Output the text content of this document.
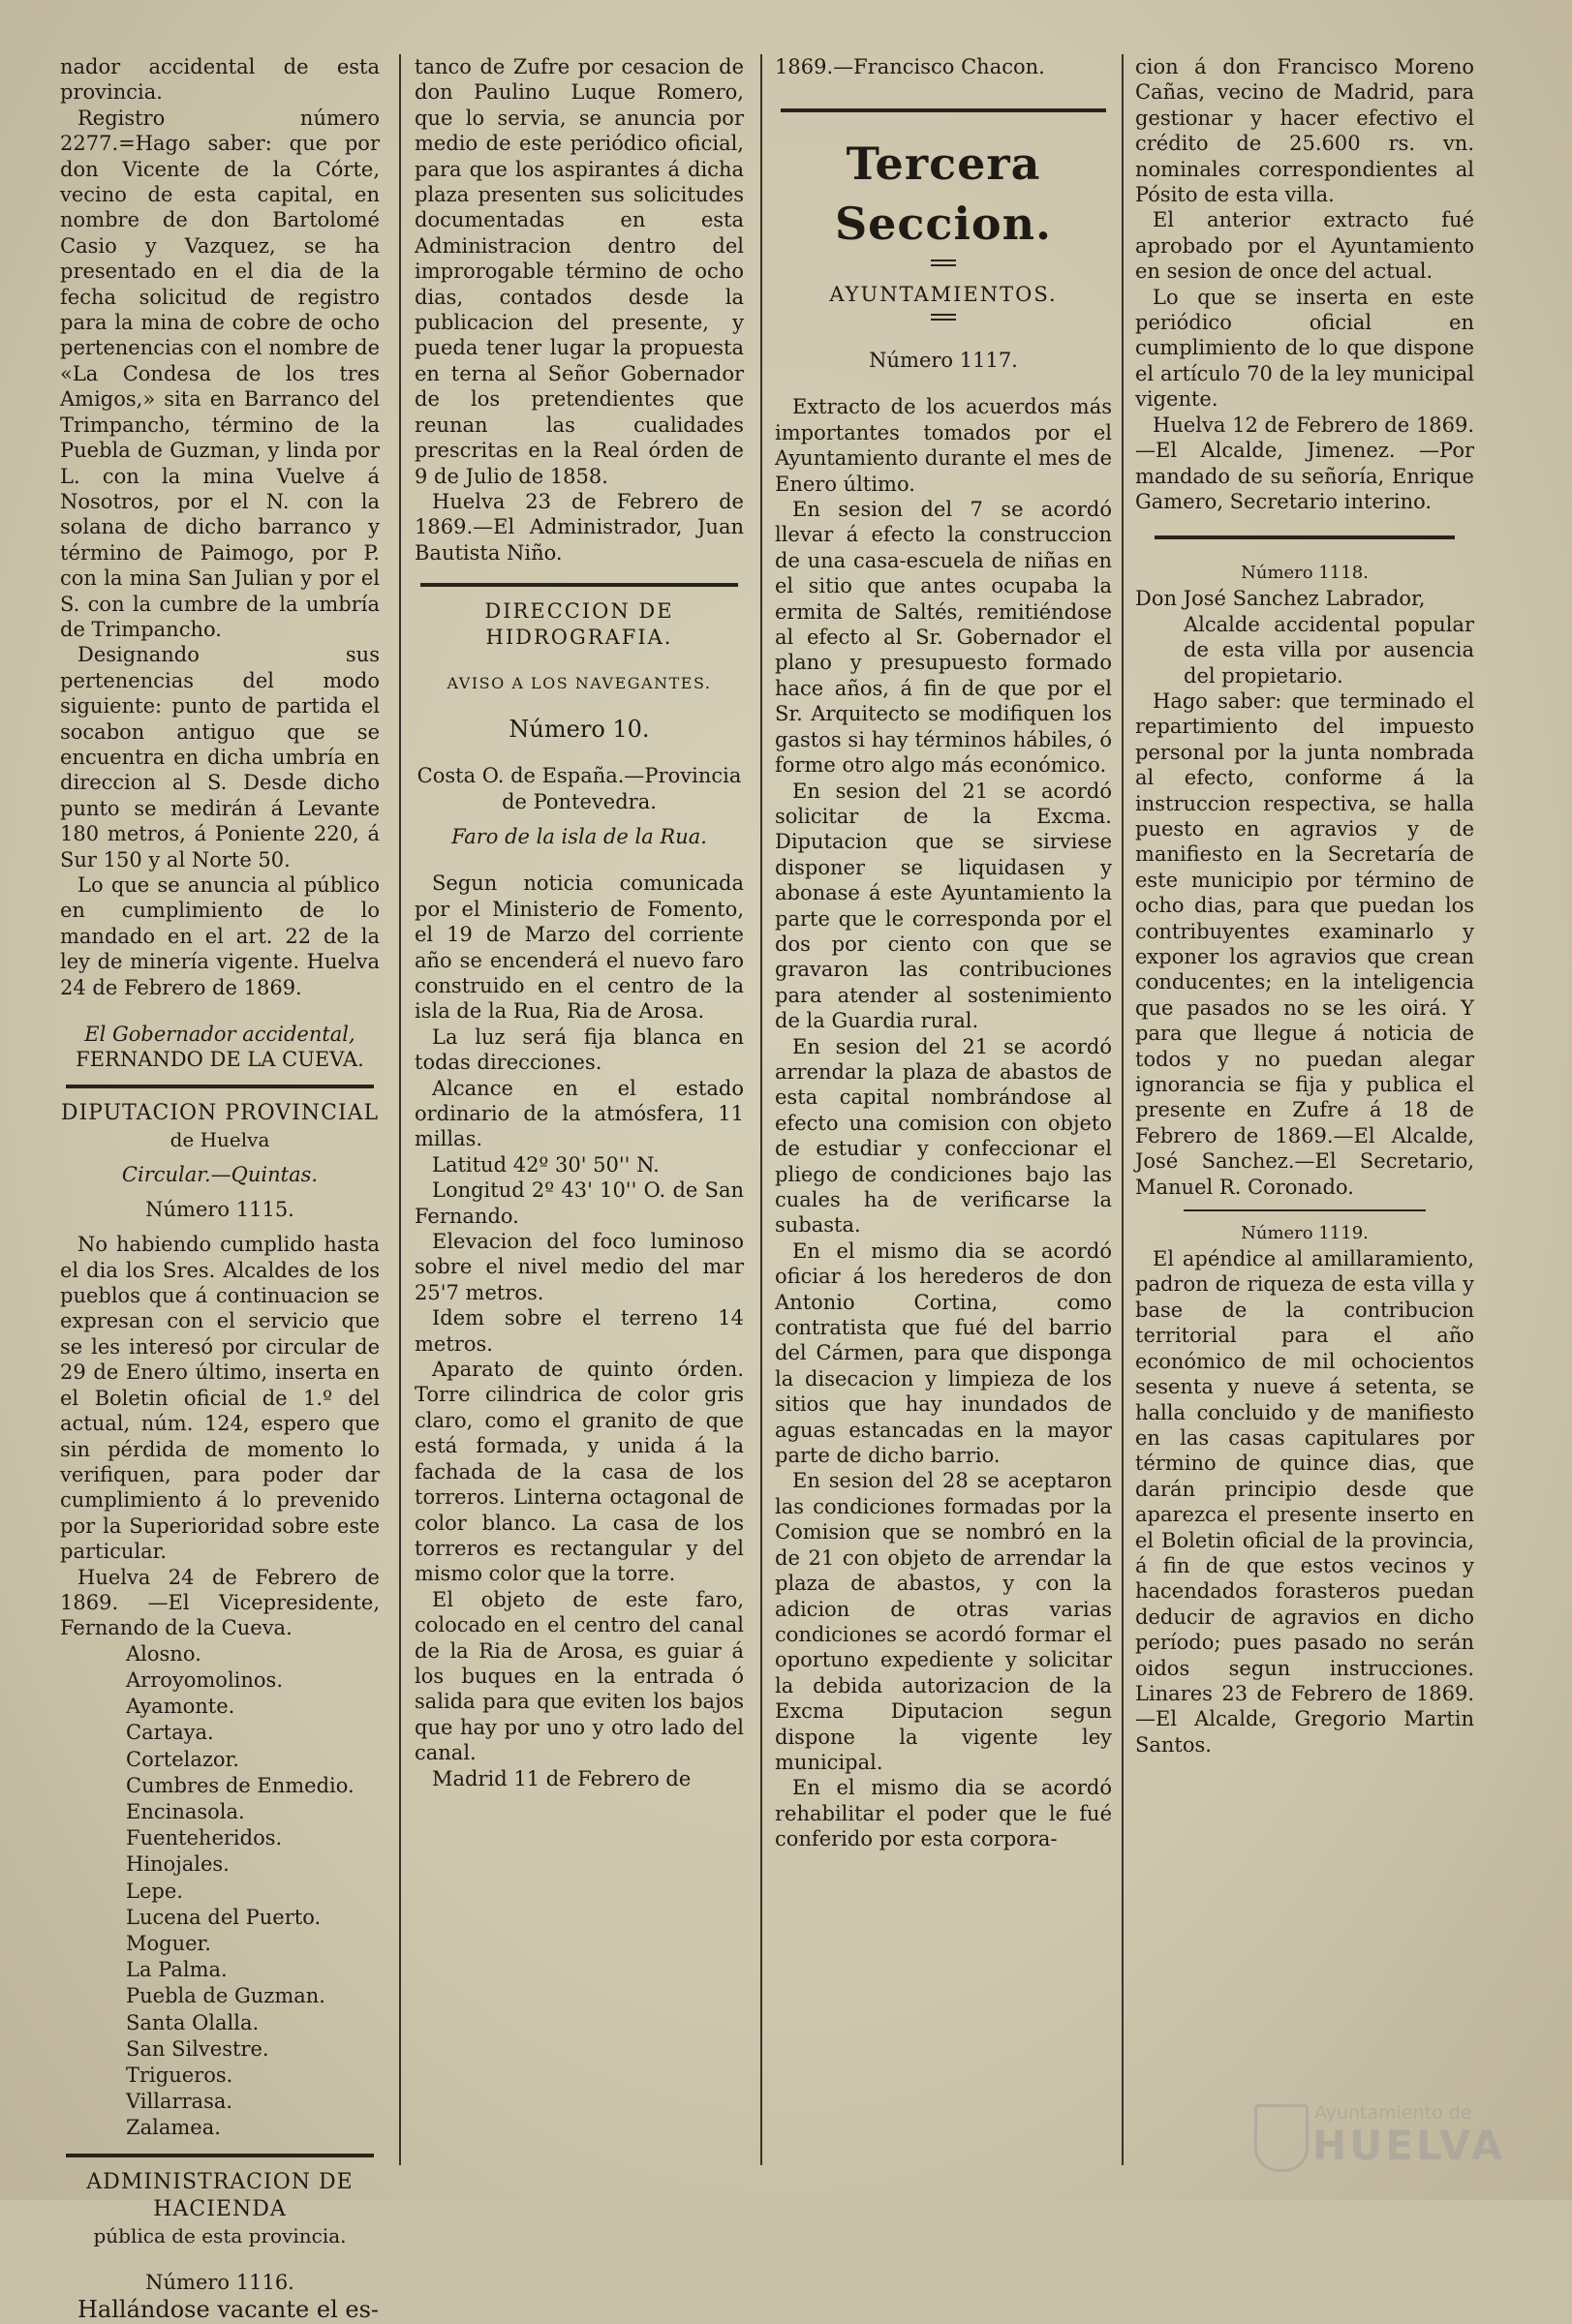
nador accidental de esta provincia.

Registro número 2277.=Hago saber: que por don Vicente de la Córte, vecino de esta capital, en nombre de don Bartolomé Casio y Vazquez, se ha presentado en el dia de la fecha solicitud de registro para la mina de cobre de ocho pertenencias con el nombre de «La Condesa de los tres Amigos,» sita en Barranco del Trimpancho, término de la Puebla de Guzman, y linda por L. con la mina Vuelve á Nosotros, por el N. con la solana de dicho barranco y término de Paimogo, por P. con la mina San Julian y por el S. con la cumbre de la umbría de Trimpancho.

Designando sus pertenencias del modo siguiente: punto de partida el socabon antiguo que se encuentra en dicha umbría en direccion al S. Desde dicho punto se medirán á Levante 180 metros, á Poniente 220, á Sur 150 y al Norte 50.

Lo que se anuncia al público en cumplimiento de lo mandado en el art. 22 de la ley de minería vigente. Huelva 24 de Febrero de 1869.

El Gobernador accidental,

FERNANDO DE LA CUEVA.

DIPUTACION PROVINCIAL

de Huelva

Circular.—Quintas.

Número 1115.

No habiendo cumplido hasta el dia los Sres. Alcaldes de los pueblos que á continuacion se expresan con el servicio que se les interesó por circular de 29 de Enero último, inserta en el Boletin oficial de 1.º del actual, núm. 124, espero que sin pérdida de momento lo verifiquen, para poder dar cumplimiento á lo prevenido por la Superioridad sobre este particular.

Huelva 24 de Febrero de 1869. —El Vicepresidente, Fernando de la Cueva.

Alosno.

Arroyomolinos.

Ayamonte.

Cartaya.

Cortelazor.

Cumbres de Enmedio.

Encinasola.

Fuenteheridos.

Hinojales.

Lepe.

Lucena del Puerto.

Moguer.

La Palma.

Puebla de Guzman.

Santa Olalla.

San Silvestre.

Trigueros.

Villarrasa.

Zalamea.

ADMINISTRACION DE HACIENDA

pública de esta provincia.

Número 1116.

Hallándose vacante el es-

tanco de Zufre por cesacion de don Paulino Luque Romero, que lo servia, se anuncia por medio de este periódico oficial, para que los aspirantes á dicha plaza presenten sus solicitudes documentadas en esta Administracion dentro del improrogable término de ocho dias, contados desde la publicacion del presente, y pueda tener lugar la propuesta en terna al Señor Gobernador de los pretendientes que reunan las cualidades prescritas en la Real órden de 9 de Julio de 1858.

Huelva 23 de Febrero de 1869.—El Administrador, Juan Bautista Niño.

DIRECCION DE HIDROGRAFIA.

AVISO A LOS NAVEGANTES.

Número 10.

Costa O. de España.—Provincia de Pontevedra.

Faro de la isla de la Rua.

Segun noticia comunicada por el Ministerio de Fomento, el 19 de Marzo del corriente año se encenderá el nuevo faro construido en el centro de la isla de la Rua, Ria de Arosa.

La luz será fija blanca en todas direcciones.

Alcance en el estado ordinario de la atmósfera, 11 millas.

Latitud 42º 30' 50'' N.

Longitud 2º 43' 10'' O. de San Fernando.

Elevacion del foco luminoso sobre el nivel medio del mar 25'7 metros.

Idem sobre el terreno 14 metros.

Aparato de quinto órden. Torre cilindrica de color gris claro, como el granito de que está formada, y unida á la fachada de la casa de los torreros. Linterna octagonal de color blanco. La casa de los torreros es rectangular y del mismo color que la torre.

El objeto de este faro, colocado en el centro del canal de la Ria de Arosa, es guiar á los buques en la entrada ó salida para que eviten los bajos que hay por uno y otro lado del canal.

Madrid 11 de Febrero de

1869.—Francisco Chacon.

Tercera Seccion.

AYUNTAMIENTOS.

Número 1117.

Extracto de los acuerdos más importantes tomados por el Ayuntamiento durante el mes de Enero último.

En sesion del 7 se acordó llevar á efecto la construccion de una casa-escuela de niñas en el sitio que antes ocupaba la ermita de Saltés, remitiéndose al efecto al Sr. Gobernador el plano y presupuesto formado hace años, á fin de que por el Sr. Arquitecto se modifiquen los gastos si hay términos hábiles, ó forme otro algo más económico.

En sesion del 21 se acordó solicitar de la Excma. Diputacion que se sirviese disponer se liquidasen y abonase á este Ayuntamiento la parte que le corresponda por el dos por ciento con que se gravaron las contribuciones para atender al sostenimiento de la Guardia rural.

En sesion del 21 se acordó arrendar la plaza de abastos de esta capital nombrándose al efecto una comision con objeto de estudiar y confeccionar el pliego de condiciones bajo las cuales ha de verificarse la subasta.

En el mismo dia se acordó oficiar á los herederos de don Antonio Cortina, como contratista que fué del barrio del Cármen, para que disponga la disecacion y limpieza de los sitios que hay inundados de aguas estancadas en la mayor parte de dicho barrio.

En sesion del 28 se aceptaron las condiciones formadas por la Comision que se nombró en la de 21 con objeto de arrendar la plaza de abastos, y con la adicion de otras varias condiciones se acordó formar el oportuno expediente y solicitar la debida autorizacion de la Excma Diputacion segun dispone la vigente ley municipal.

En el mismo dia se acordó rehabilitar el poder que le fué conferido por esta corpora-

cion á don Francisco Moreno Cañas, vecino de Madrid, para gestionar y hacer efectivo el crédito de 25.600 rs. vn. nominales correspondientes al Pósito de esta villa.

El anterior extracto fué aprobado por el Ayuntamiento en sesion de once del actual.

Lo que se inserta en este periódico oficial en cumplimiento de lo que dispone el artículo 70 de la ley municipal vigente.

Huelva 12 de Febrero de 1869.—El Alcalde, Jimenez. —Por mandado de su señoría, Enrique Gamero, Secretario interino.

Número 1118.

Don José Sanchez Labrador,

Alcalde accidental popular de esta villa por ausencia del propietario.

Hago saber: que terminado el repartimiento del impuesto personal por la junta nombrada al efecto, conforme á la instruccion respectiva, se halla puesto en agravios y de manifiesto en la Secretaría de este municipio por término de ocho dias, para que puedan los contribuyentes examinarlo y exponer los agravios que crean conducentes; en la inteligencia que pasados no se les oirá. Y para que llegue á noticia de todos y no puedan alegar ignorancia se fija y publica el presente en Zufre á 18 de Febrero de 1869.—El Alcalde, José Sanchez.—El Secretario, Manuel R. Coronado.

Número 1119.

El apéndice al amillaramiento, padron de riqueza de esta villa y base de la contribucion territorial para el año económico de mil ochocientos sesenta y nueve á setenta, se halla concluido y de manifiesto en las casas capitulares por término de quince dias, que darán principio desde que aparezca el presente inserto en el Boletin oficial de la provincia, á fin de que estos vecinos y hacendados forasteros puedan deducir de agravios en dicho período; pues pasado no serán oidos segun instrucciones. Linares 23 de Febrero de 1869.—El Alcalde, Gregorio Martin Santos.

Ayuntamiento de
HUELVA
